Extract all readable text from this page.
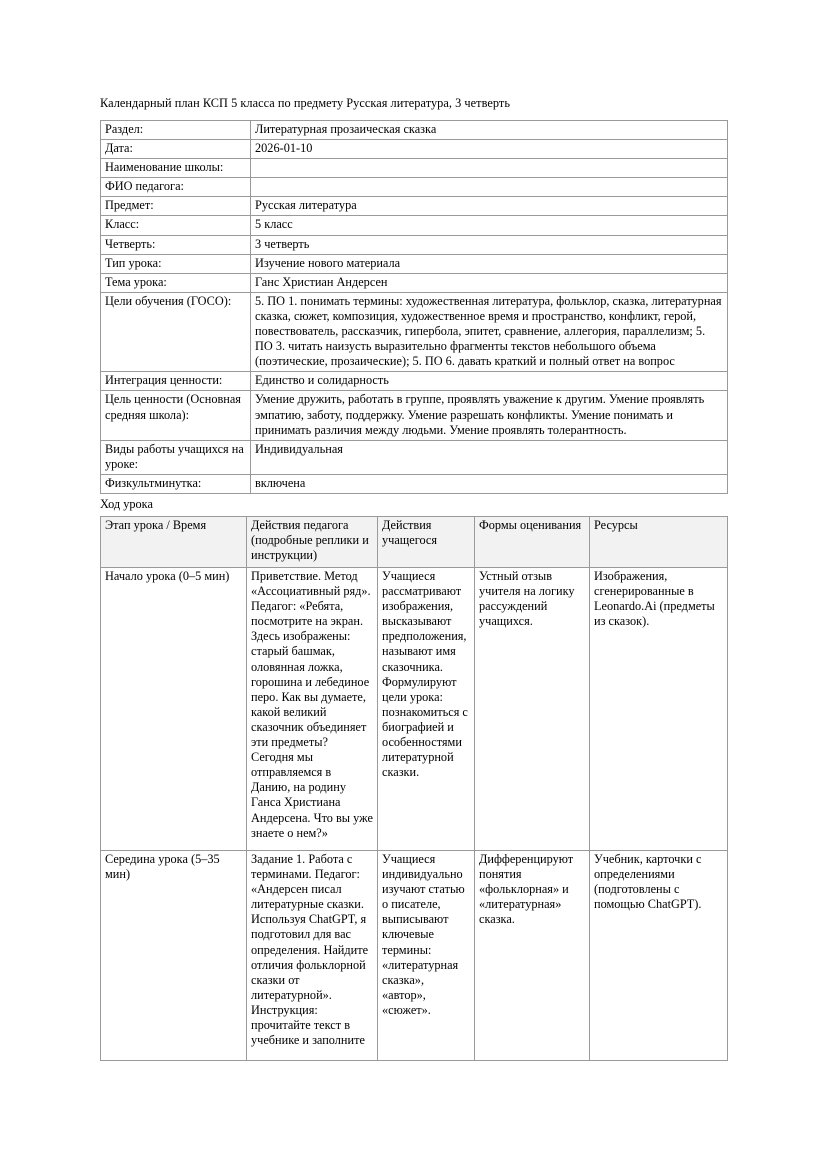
Календарный план КСП 5 класса по предмету Русская литература, 3 четверть
Раздел:	Литературная прозаическая сказка
Дата:	2026-01-10
Наименование школы:	
ФИО педагога:	
Предмет:	Русская литература
Класс:	5 класс
Четверть:	3 четверть
Тип урока:	Изучение нового материала
Тема урока:	Ганс Христиан Андерсен
Цели обучения (ГОСО):	5. ПО 1. понимать термины: художественная литература, фольклор, сказка, литературная сказка, сюжет, композиция, художественное время и пространство, конфликт, герой, повествователь, рассказчик, гипербола, эпитет, сравнение, аллегория, параллелизм; 5. ПО 3. читать наизусть выразительно фрагменты текстов небольшого объема (поэтические, прозаические); 5. ПО 6. давать краткий и полный ответ на вопрос
Интеграция ценности:	Единство и солидарность
Цель ценности (Основная средняя школа):	Умение дружить, работать в группе, проявлять уважение к другим. Умение проявлять эмпатию, заботу, поддержку. Умение разрешать конфликты. Умение понимать и принимать различия между людьми. Умение проявлять толерантность.
Виды работы учащихся на уроке:	Индивидуальная
Физкультминутка:	включена
Ход урока
Этап урока / Время	Действия педагога (подробные реплики и инструкции)	Действия учащегося	Формы оценивания	Ресурсы
Начало урока (0–5 мин)	Приветствие. Метод «Ассоциативный ряд». Педагог: «Ребята, посмотрите на экран. Здесь изображены: старый башмак, оловянная ложка, горошина и лебединое перо. Как вы думаете, какой великий сказочник объединяет эти предметы? Сегодня мы отправляемся в Данию, на родину Ганса Христиана Андерсена. Что вы уже знаете о нем?»	Учащиеся рассматривают изображения, высказывают предположения, называют имя сказочника. Формулируют цели урока: познакомиться с биографией и особенностями литературной сказки.	Устный отзыв учителя на логику рассуждений учащихся.	Изображения, сгенерированные в Leonardo.Ai (предметы из сказок).
Середина урока (5–35 мин)	Задание 1. Работа с терминами. Педагог: «Андерсен писал литературные сказки. Используя ChatGPT, я подготовил для вас определения. Найдите отличия фольклорной сказки от литературной». Инструкция: прочитайте текст в учебнике и заполните	Учащиеся индивидуально изучают статью о писателе, выписывают ключевые термины: «литературная сказка», «автор», «сюжет».	Дифференцируют понятия «фольклорная» и «литературная» сказка.	Учебник, карточки с определениями (подготовлены с помощью ChatGPT).
